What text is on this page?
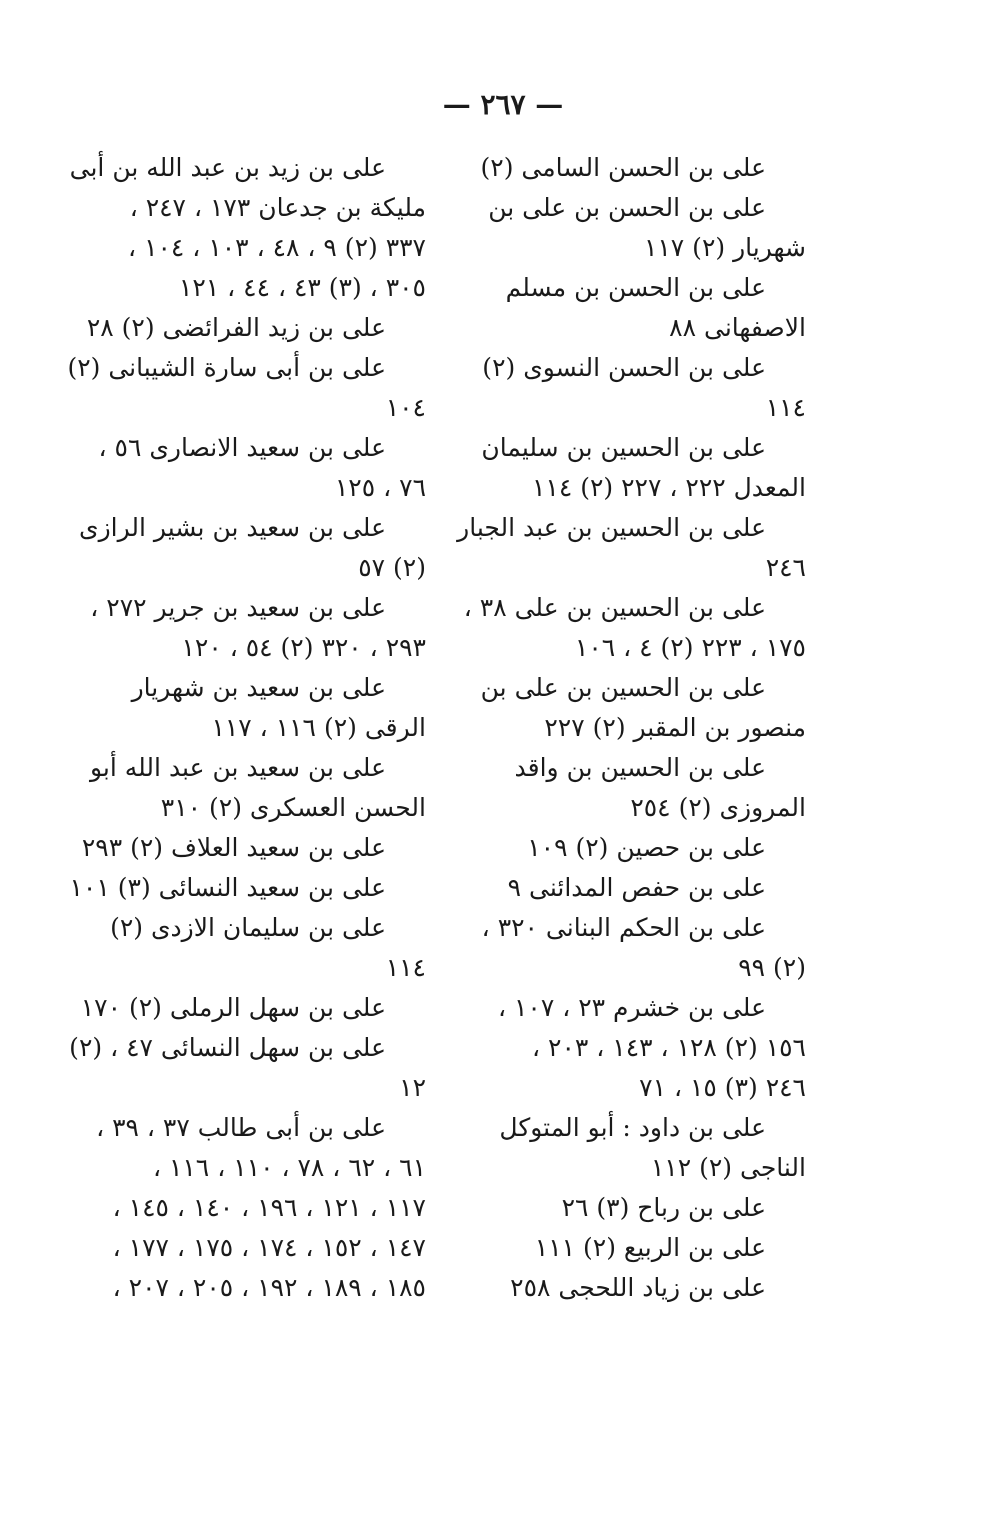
— ٢٦٧ —
على بن الحسن السامى (٢)
على بن الحسن بن على بن
شهريار (٢) ١١٧
على بن الحسن بن مسلم
الاصفهانى ٨٨
على بن الحسن النسوى (٢)
١١٤
على بن الحسين بن سليمان
المعدل ٢٢٢ ، ٢٢٧ (٢) ١١٤
على بن الحسين بن عبد الجبار
٢٤٦
على بن الحسين بن على ٣٨ ،
١٧٥ ، ٢٢٣ (٢) ٤ ، ١٠٦
على بن الحسين بن على بن
منصور بن المقبر (٢) ٢٢٧
على بن الحسين بن واقد
المروزى (٢) ٢٥٤
على بن حصين (٢) ١٠٩
على بن حفص المدائنى ٩
على بن الحكم البنانى ٣٢٠ ،
(٢) ٩٩
على بن خشرم ٢٣ ، ١٠٧ ،
١٥٦ (٢) ١٢٨ ، ١٤٣ ، ٢٠٣ ،
٢٤٦ (٣) ١٥ ، ٧١
على بن داود : أبو المتوكل
الناجى (٢) ١١٢
على بن رباح (٣) ٢٦
على بن الربيع (٢) ١١١
على بن زياد اللحجى ٢٥٨
على بن زيد بن عبد الله بن أبى
مليكة بن جدعان ١٧٣ ، ٢٤٧ ،
٣٣٧ (٢) ٩ ، ٤٨ ، ١٠٣ ، ١٠٤ ،
٣٠٥ ، (٣) ٤٣ ، ٤٤ ، ١٢١
على بن زيد الفرائضى (٢) ٢٨
على بن أبى سارة الشيبانى (٢)
١٠٤
على بن سعيد الانصارى ٥٦ ،
٧٦ ، ١٢٥
على بن سعيد بن بشير الرازى
(٢) ٥٧
على بن سعيد بن جرير ٢٧٢ ،
٢٩٣ ، ٣٢٠ (٢) ٥٤ ، ١٢٠
على بن سعيد بن شهريار
الرقى (٢) ١١٦ ، ١١٧
على بن سعيد بن عبد الله أبو
الحسن العسكرى (٢) ٣١٠
على بن سعيد العلاف (٢) ٢٩٣
على بن سعيد النسائى (٣) ١٠١
على بن سليمان الازدى (٢)
١١٤
على بن سهل الرملى (٢) ١٧٠
على بن سهل النسائى ٤٧ ، (٢)
١٢
على بن أبى طالب ٣٧ ، ٣٩ ،
٦١ ، ٦٢ ، ٧٨ ، ١١٠ ، ١١٦ ،
١١٧ ، ١٢١ ، ١٩٦ ، ١٤٠ ، ١٤٥ ،
١٤٧ ، ١٥٢ ، ١٧٤ ، ١٧٥ ، ١٧٧ ،
١٨٥ ، ١٨٩ ، ١٩٢ ، ٢٠٥ ، ٢٠٧ ،
